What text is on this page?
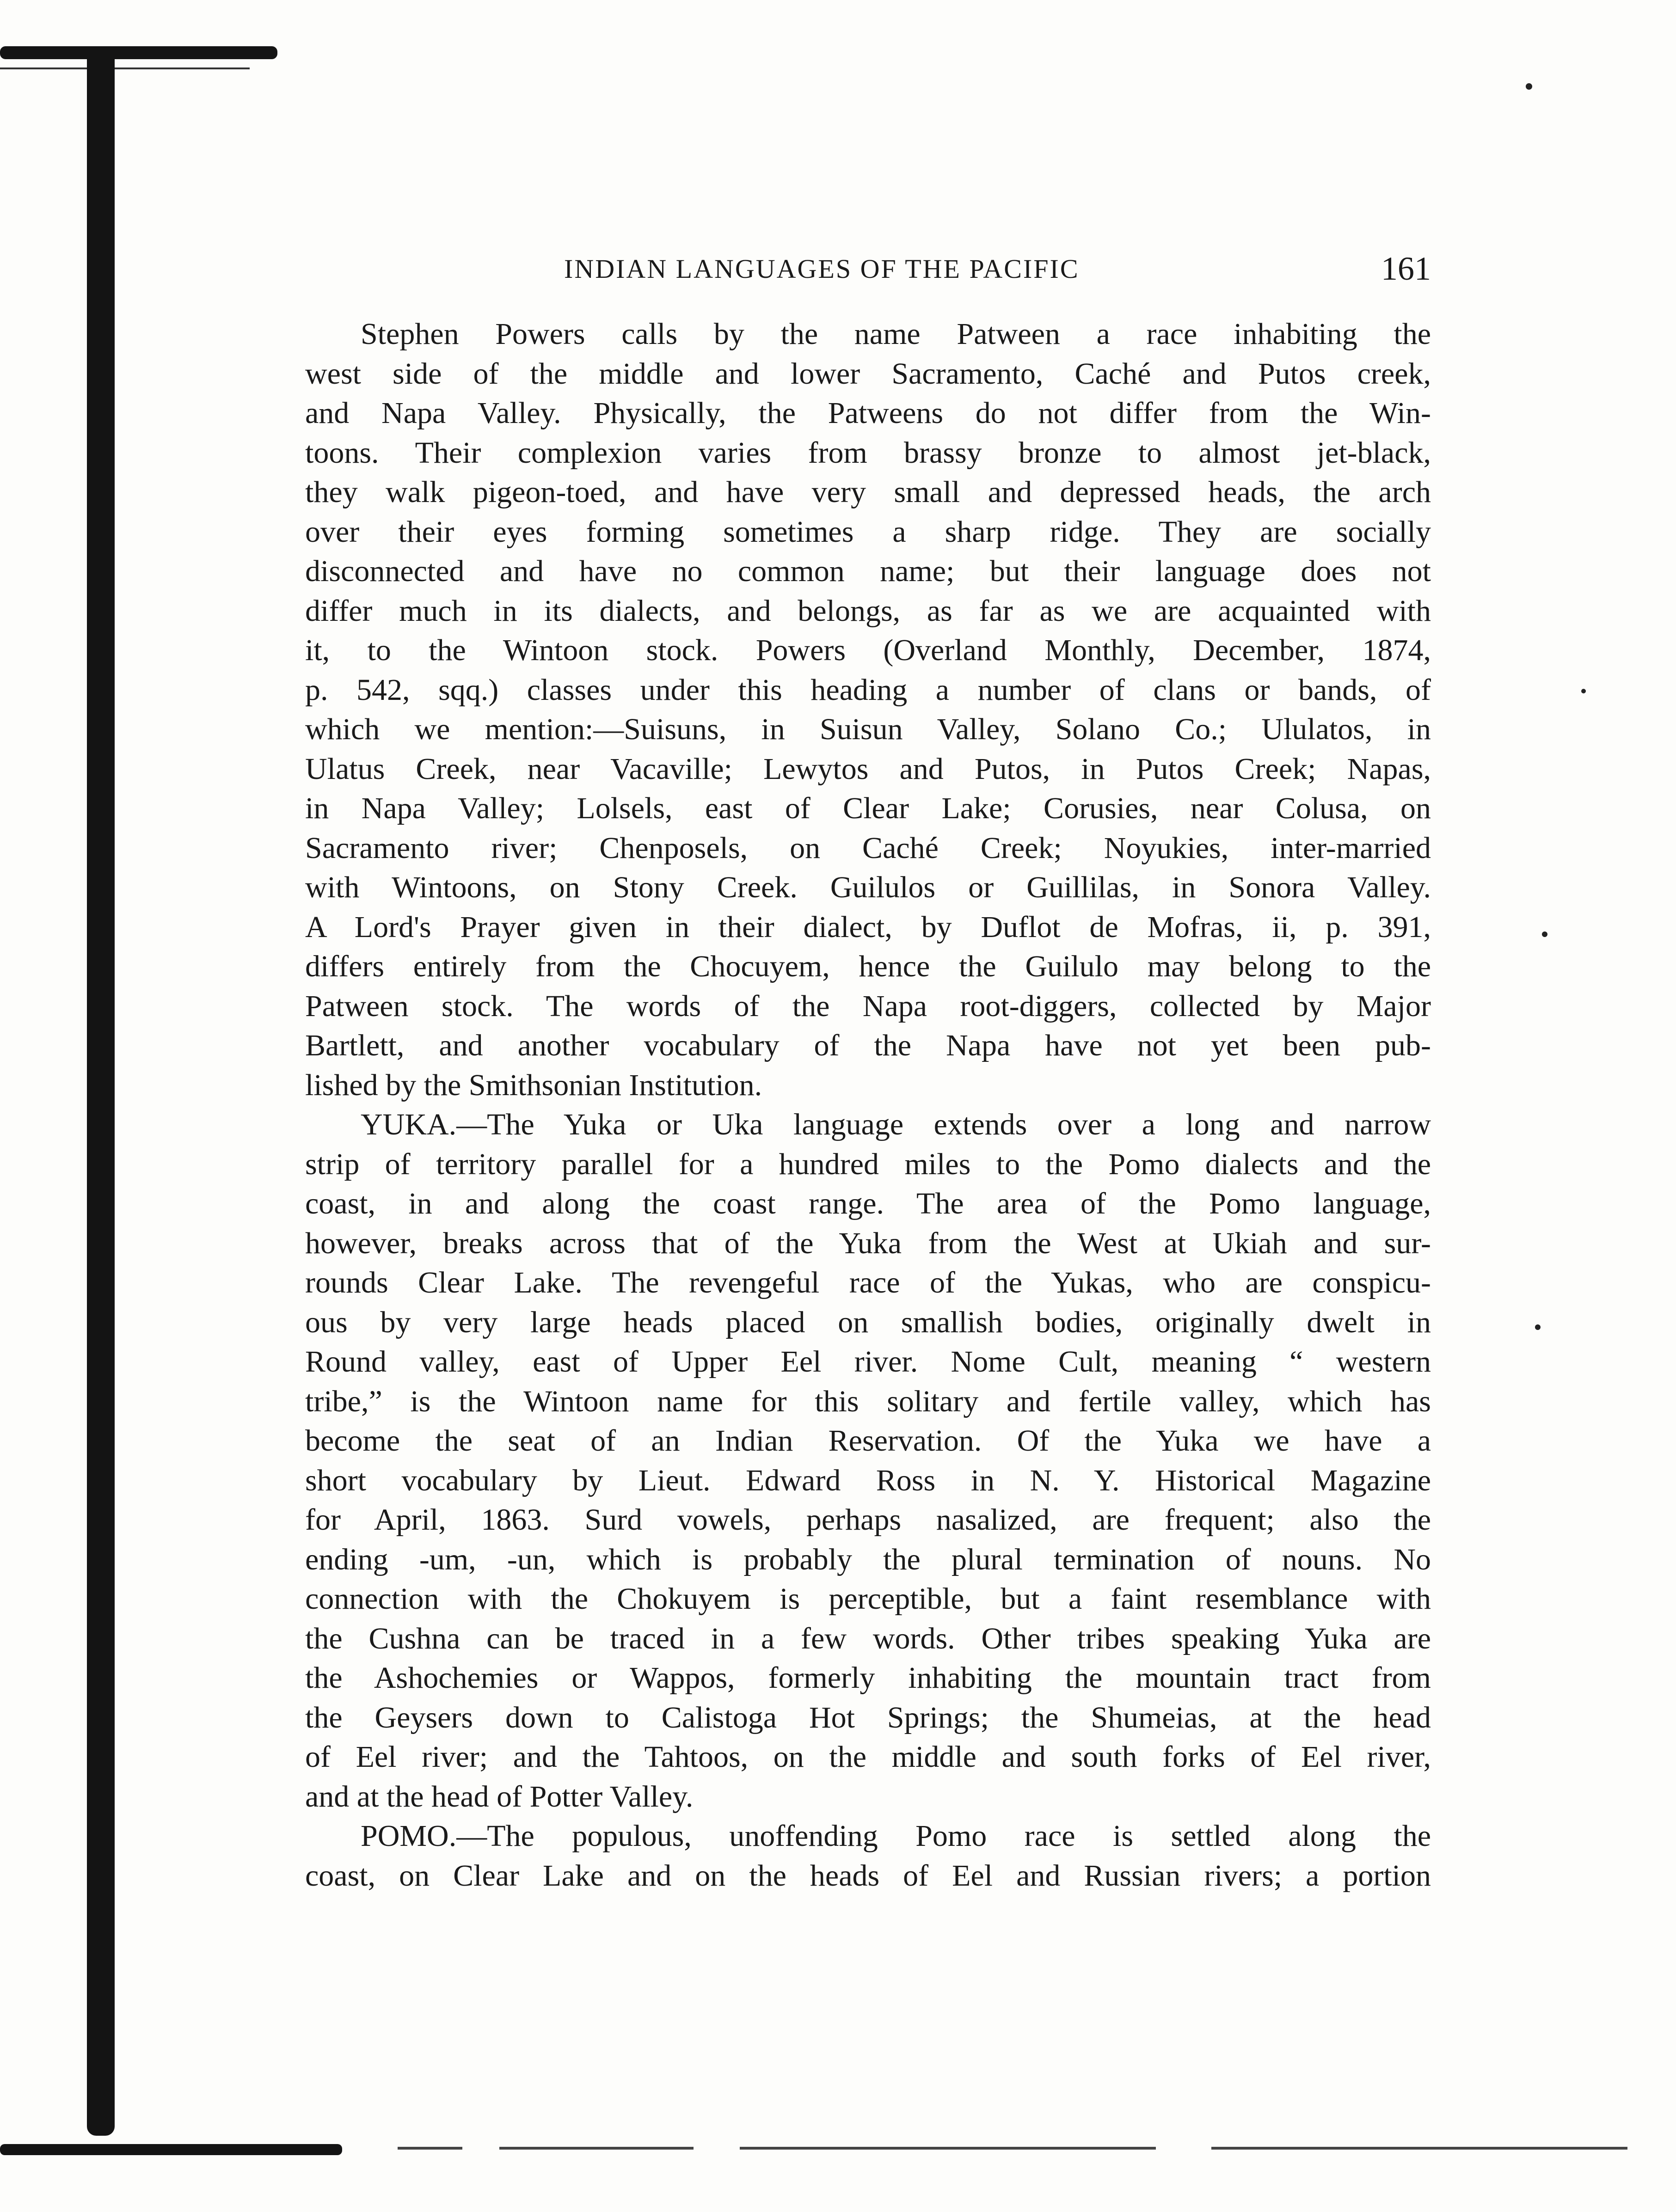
INDIAN LANGUAGES OF THE PACIFIC	161
Stephen Powers calls by the name Patween a race inhabiting the
west side of the middle and lower Sacramento, Caché and Putos creek,
and Napa Valley. Physically, the Patweens do not differ from the Win-
toons. Their complexion varies from brassy bronze to almost jet-black,
they walk pigeon-toed, and have very small and depressed heads, the arch
over their eyes forming sometimes a sharp ridge. They are socially
disconnected and have no common name; but their language does not
differ much in its dialects, and belongs, as far as we are acquainted with
it, to the Wintoon stock. Powers (Overland Monthly, December, 1874,
p. 542, sqq.) classes under this heading a number of clans or bands, of
which we mention:—Suisuns, in Suisun Valley, Solano Co.; Ululatos, in
Ulatus Creek, near Vacaville; Lewytos and Putos, in Putos Creek; Napas,
in Napa Valley; Lolsels, east of Clear Lake; Corusies, near Colusa, on
Sacramento river; Chenposels, on Caché Creek; Noyukies, inter-married
with Wintoons, on Stony Creek. Guilulos or Guillilas, in Sonora Valley.
A Lord's Prayer given in their dialect, by Duflot de Mofras, ii, p. 391,
differs entirely from the Chocuyem, hence the Guilulo may belong to the
Patween stock. The words of the Napa root-diggers, collected by Major
Bartlett, and another vocabulary of the Napa have not yet been pub-
lished by the Smithsonian Institution.
YUKA.—The Yuka or Uka language extends over a long and narrow
strip of territory parallel for a hundred miles to the Pomo dialects and the
coast, in and along the coast range. The area of the Pomo language,
however, breaks across that of the Yuka from the West at Ukiah and sur-
rounds Clear Lake. The revengeful race of the Yukas, who are conspicu-
ous by very large heads placed on smallish bodies, originally dwelt in
Round valley, east of Upper Eel river. Nome Cult, meaning “ western
tribe,” is the Wintoon name for this solitary and fertile valley, which has
become the seat of an Indian Reservation. Of the Yuka we have a
short vocabulary by Lieut. Edward Ross in N. Y. Historical Magazine
for April, 1863. Surd vowels, perhaps nasalized, are frequent; also the
ending -um, -un, which is probably the plural termination of nouns. No
connection with the Chokuyem is perceptible, but a faint resemblance with
the Cushna can be traced in a few words. Other tribes speaking Yuka are
the Ashochemies or Wappos, formerly inhabiting the mountain tract from
the Geysers down to Calistoga Hot Springs; the Shumeias, at the head
of Eel river; and the Tahtoos, on the middle and south forks of Eel river,
and at the head of Potter Valley.
POMO.—The populous, unoffending Pomo race is settled along the
coast, on Clear Lake and on the heads of Eel and Russian rivers; a portion
